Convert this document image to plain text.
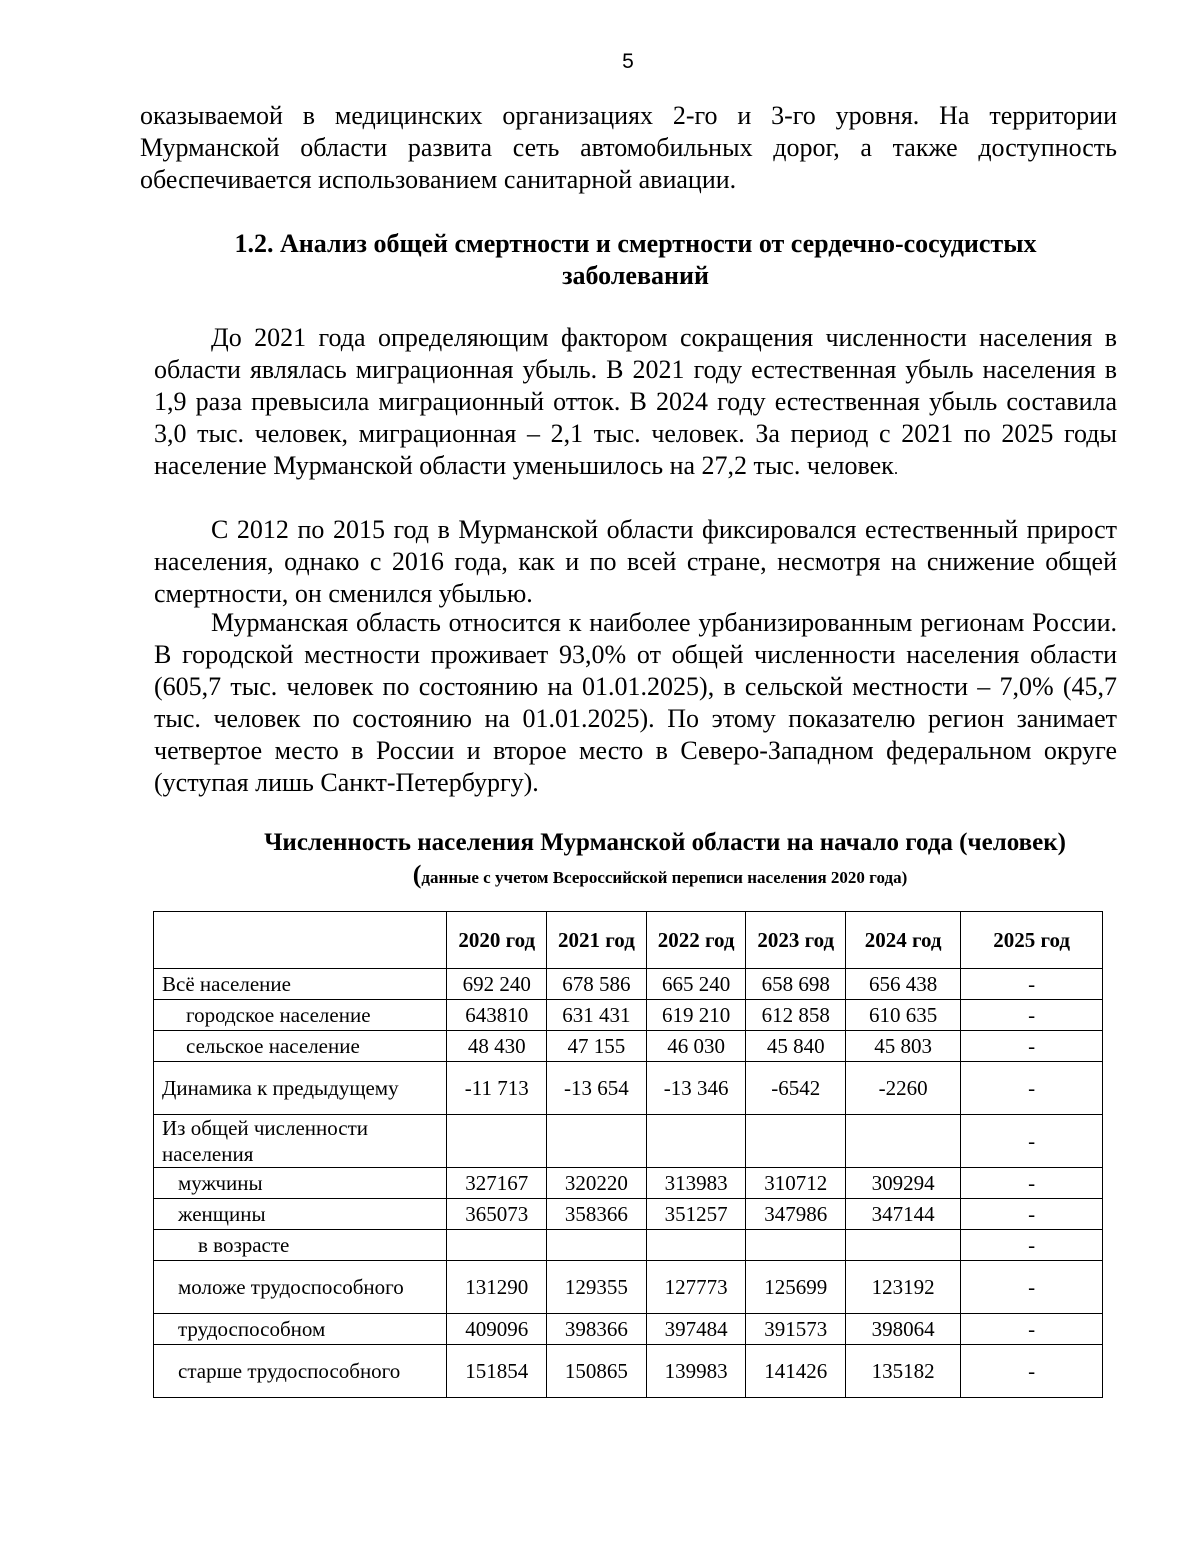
5

оказываемой в медицинских организациях 2-го и 3-го уровня. На территории Мурманской области развита сеть автомобильных дорог, а также доступность обеспечивается использованием санитарной авиации.

1.2. Анализ общей смертности и смертности от сердечно-сосудистых
заболеваний

До 2021 года определяющим фактором сокращения численности населения в области являлась миграционная убыль. В 2021 году естественная убыль населения в 1,9 раза превысила миграционный отток. В 2024 году естественная убыль составила 3,0 тыс. человек, миграционная – 2,1 тыс. человек. За период с 2021 по 2025 годы население Мурманской области уменьшилось на 27,2 тыс. человек.

С 2012 по 2015 год в Мурманской области фиксировался естественный прирост населения, однако с 2016 года, как и по всей стране, несмотря на снижение общей смертности, он сменился убылью.

Мурманская область относится к наиболее урбанизированным регионам России. В городской местности проживает 93,0% от общей численности населения области (605,7 тыс. человек по состоянию на 01.01.2025), в сельской местности – 7,0% (45,7 тыс. человек по состоянию на 01.01.2025). По этому показателю регион занимает четвертое место в России и второе место в Северо-Западном федеральном округе (уступая лишь Санкт-Петербургу).

Численность населения Мурманской области на начало года (человек)

(данные с учетом Всероссийской переписи населения 2020 года)

	2020 год	2021 год	2022 год	2023 год	2024 год	2025 год
Всё население	692 240	678 586	665 240	658 698	656 438	-
городское население	643810	631 431	619 210	612 858	610 635	-
сельское население	48 430	47 155	46 030	45 840	45 803	-
Динамика к предыдущему	-11 713	-13 654	-13 346	-6542	-2260	-
Из общей численности населения						-
мужчины	327167	320220	313983	310712	309294	-
женщины	365073	358366	351257	347986	347144	-
в возрасте						-
моложе трудоспособного	131290	129355	127773	125699	123192	-
трудоспособном	409096	398366	397484	391573	398064	-
старше трудоспособного	151854	150865	139983	141426	135182	-
